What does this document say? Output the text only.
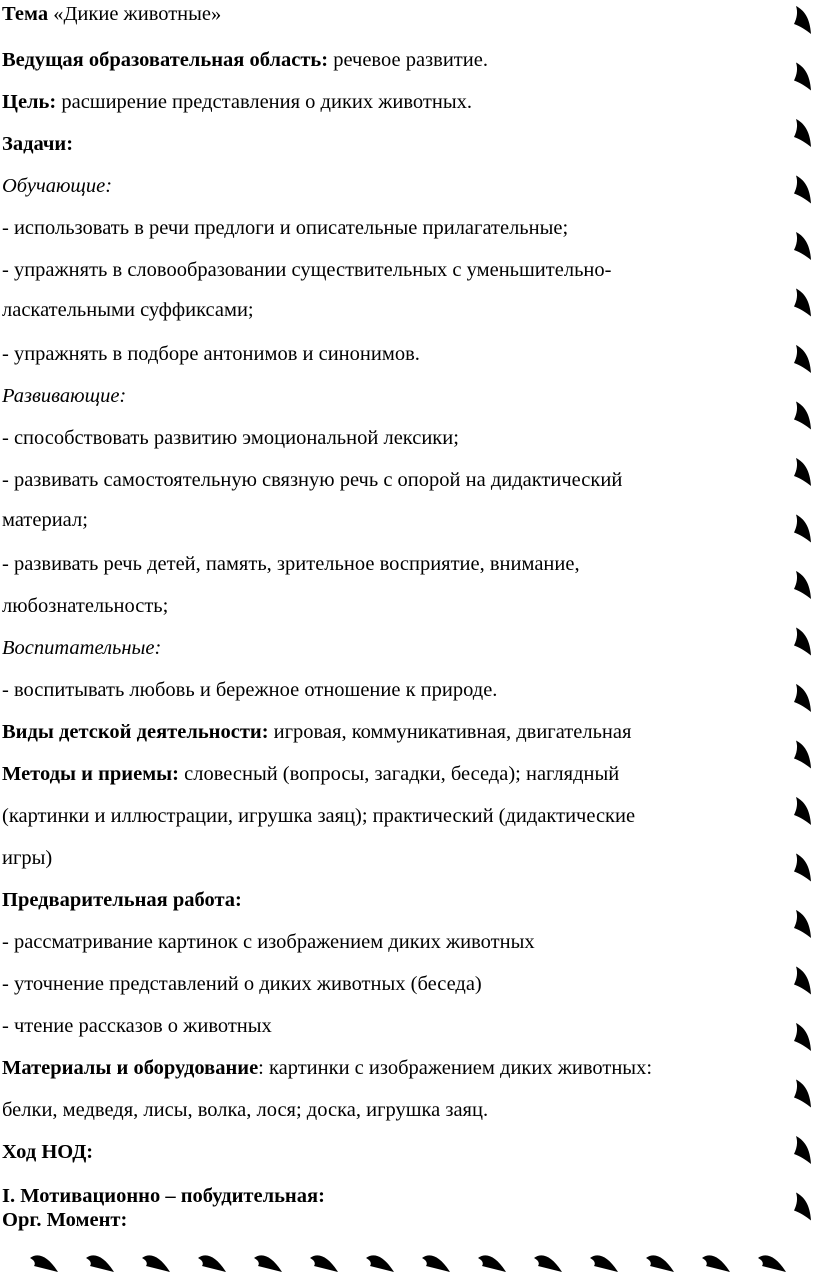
Тема «Дикие животные»
Ведущая образовательная область: речевое развитие.
Цель: расширение представления о диких животных.
Задачи:
Обучающие:
- использовать в речи предлоги и описательные прилагательные;
- упражнять в словообразовании существительных с уменьшительно-
ласкательными суффиксами;
- упражнять в подборе антонимов и синонимов.
Развивающие:
- способствовать развитию эмоциональной лексики;
- развивать самостоятельную связную речь с опорой на дидактический
материал;
- развивать речь детей, память, зрительное восприятие, внимание,
любознательность;
Воспитательные:
- воспитывать любовь и бережное отношение к природе.
Виды детской деятельности: игровая, коммуникативная, двигательная
Методы и приемы: словесный (вопросы, загадки, беседа); наглядный
(картинки и иллюстрации, игрушка заяц); практический (дидактические
игры)
Предварительная работа:
- рассматривание картинок с изображением диких животных
- уточнение представлений о диких животных (беседа)
- чтение рассказов о животных
Материалы и оборудование: картинки с изображением диких животных:
белки, медведя, лисы, волка, лося; доска, игрушка заяц.
Ход НОД:
I. Мотивационно – побудительная:
Орг. Момент:
